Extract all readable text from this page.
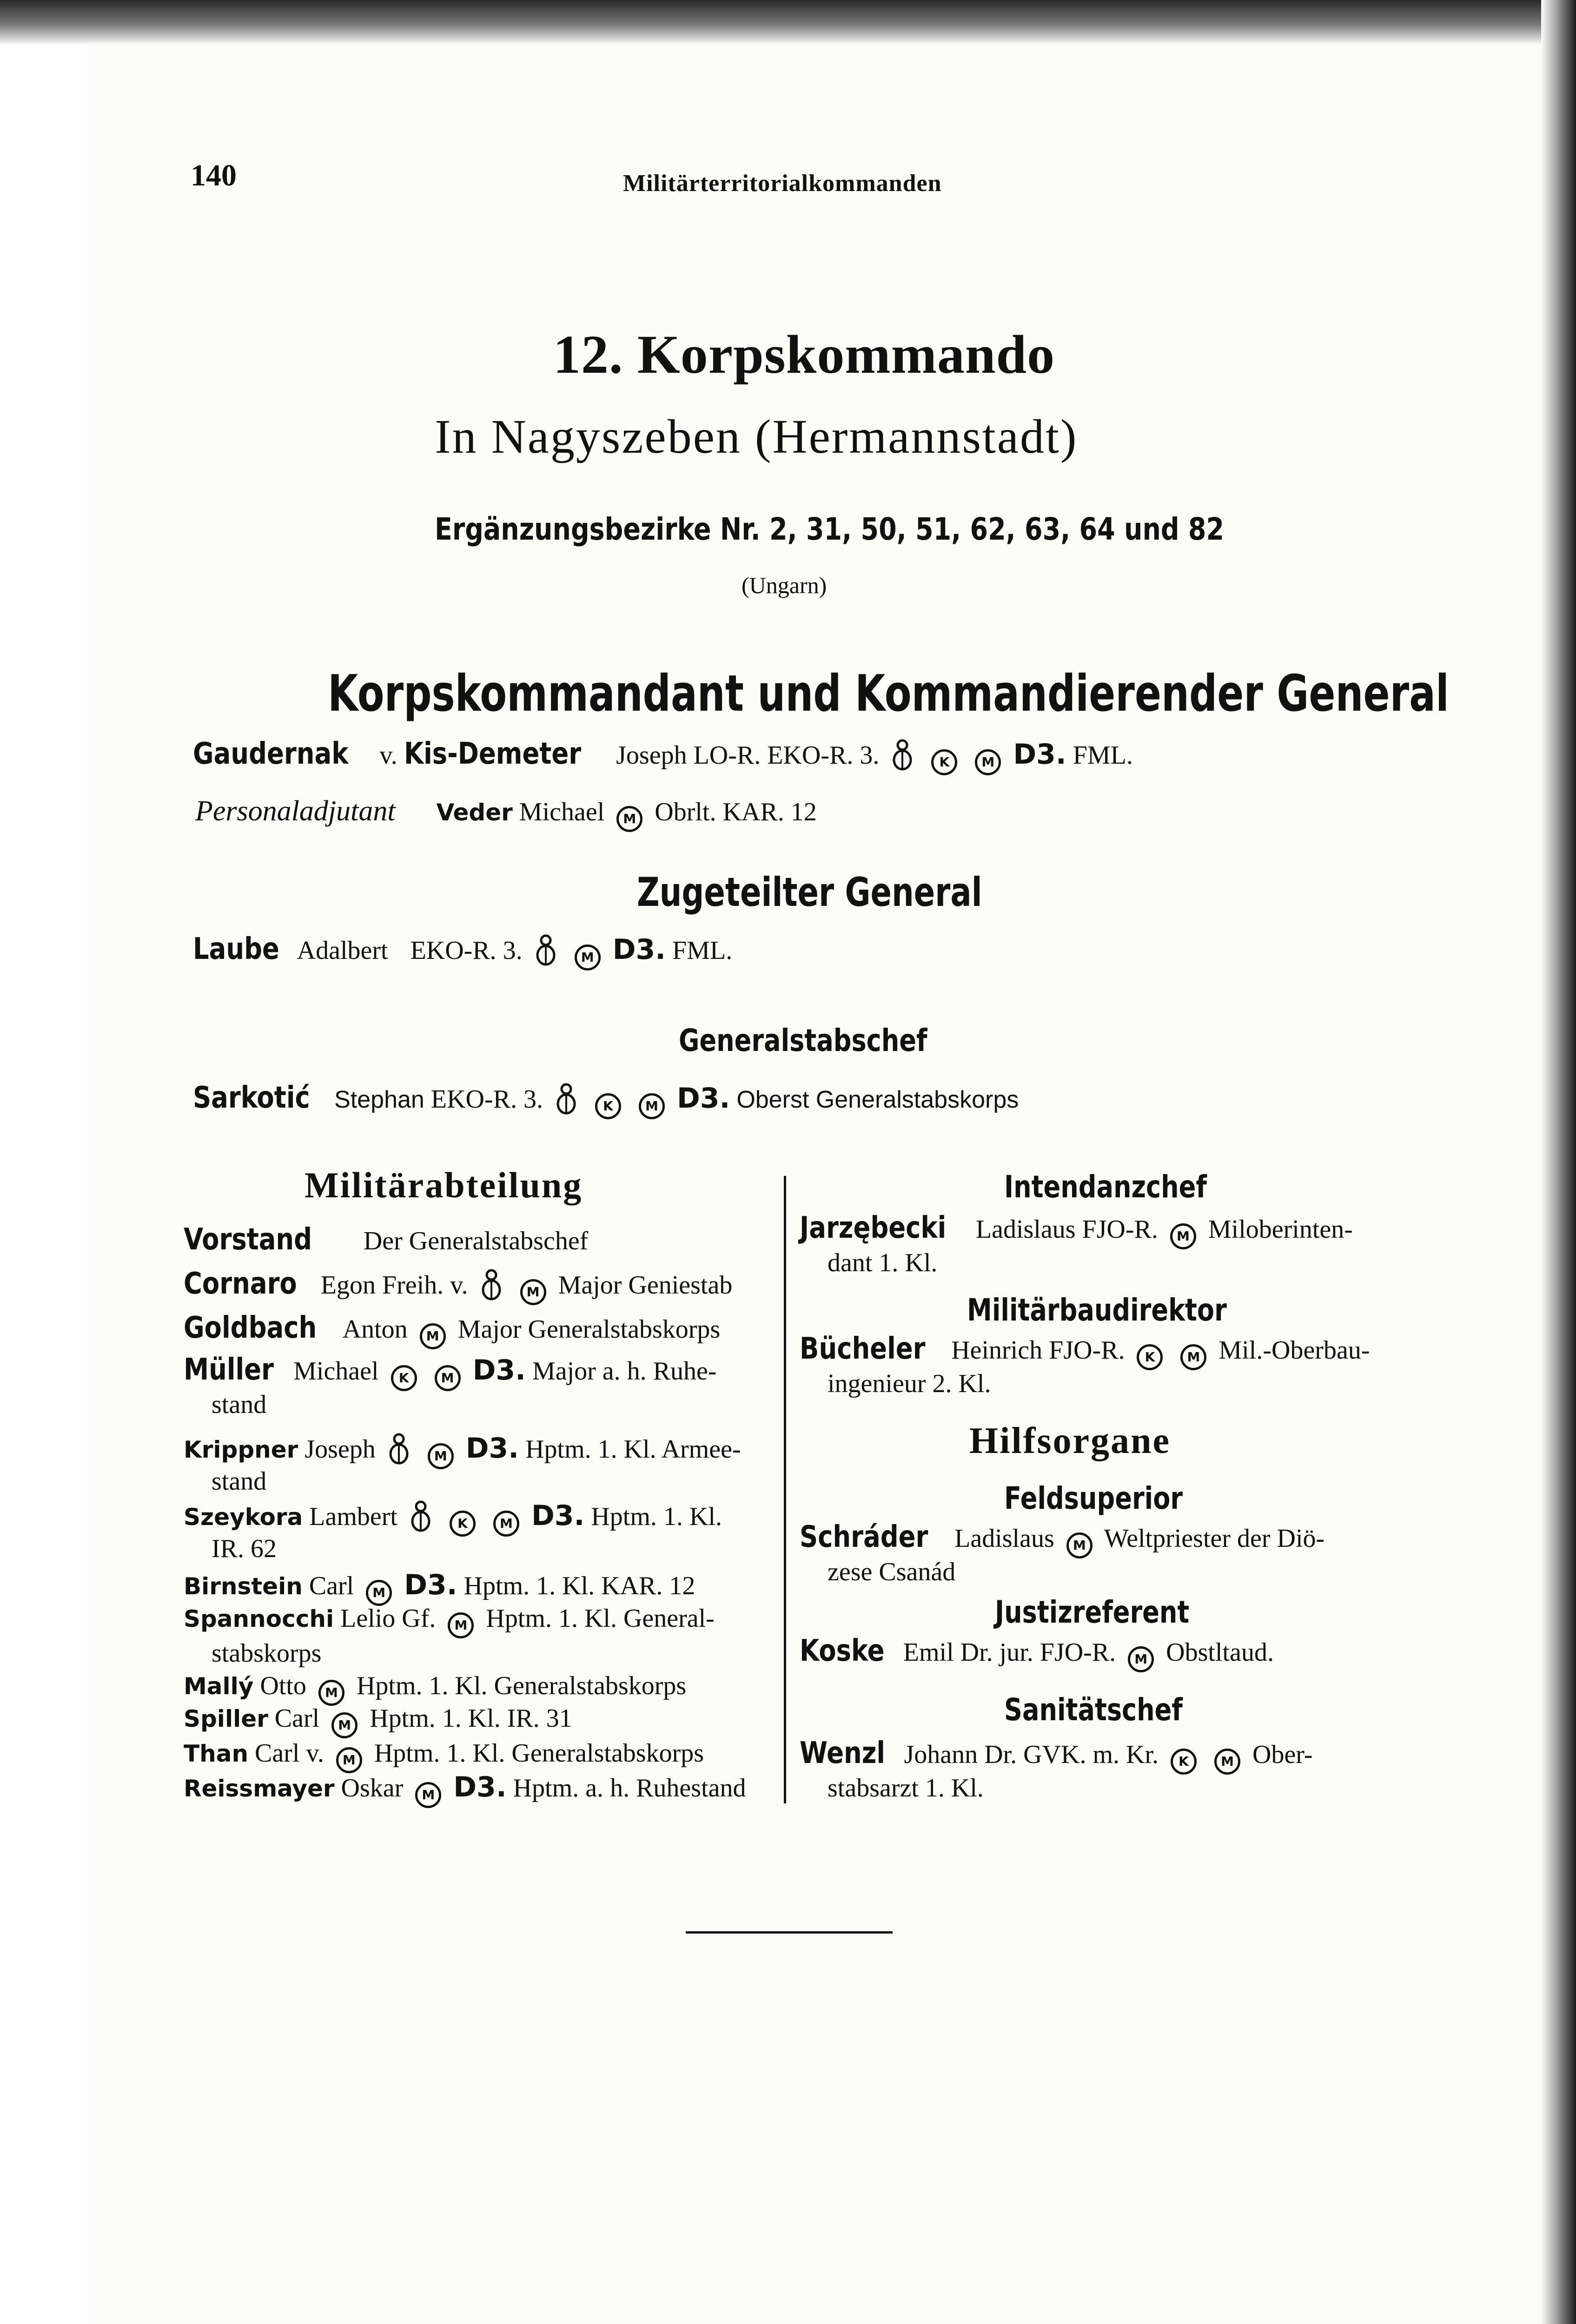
140	Militärterritorialkommanden
12. Korpskommando
In Nagyszeben (Hermannstadt)
Ergänzungsbezirke Nr. 2, 31, 50, 51, 62, 63, 64 und 82
(Ungarn)
Korpskommandant und Kommandierender General
Gaudernak v. Kis-Demeter Joseph LO-R. EKO-R. 3.	K M D3. FML.
Personaladjutant Veder Michael M Obrlt. KAR. 12
Zugeteilter General
Laube Adalbert EKO-R. 3.	M D3. FML.
Generalstabschef
Sarkotić Stephan EKO-R. 3.	K M D3. Oberst Generalstabskorps
Militärabteilung
Vorstand Der Generalstabschef
Cornaro Egon Freih. v.	M Major Geniestab
Goldbach Anton M Major Generalstabskorps
Müller Michael K M D3. Major a. h. Ruhe-
stand
Krippner Joseph	M D3. Hptm. 1. Kl. Armee-
stand
Szeykora Lambert	K M D3. Hptm. 1. Kl.
IR. 62
Birnstein Carl M D3. Hptm. 1. Kl. KAR. 12
Spannocchi Lelio Gf. M Hptm. 1. Kl. General-
stabskorps
Mallý Otto M Hptm. 1. Kl. Generalstabskorps
Spiller Carl M Hptm. 1. Kl. IR. 31
Than Carl v. M Hptm. 1. Kl. Generalstabskorps
Reissmayer Oskar M D3. Hptm. a. h. Ruhestand
Intendanzchef
Jarzębecki Ladislaus FJO-R. M Miloberinten-
dant 1. Kl.
Militärbaudirektor
Bücheler Heinrich FJO-R. K M Mil.-Oberbau-
ingenieur 2. Kl.
Hilfsorgane
Feldsuperior
Schráder Ladislaus M Weltpriester der Diö-
zese Csanád
Justizreferent
Koske Emil Dr. jur. FJO-R. M Obstltaud.
Sanitätschef
Wenzl Johann Dr. GVK. m. Kr. K M Ober-
stabsarzt 1. Kl.
